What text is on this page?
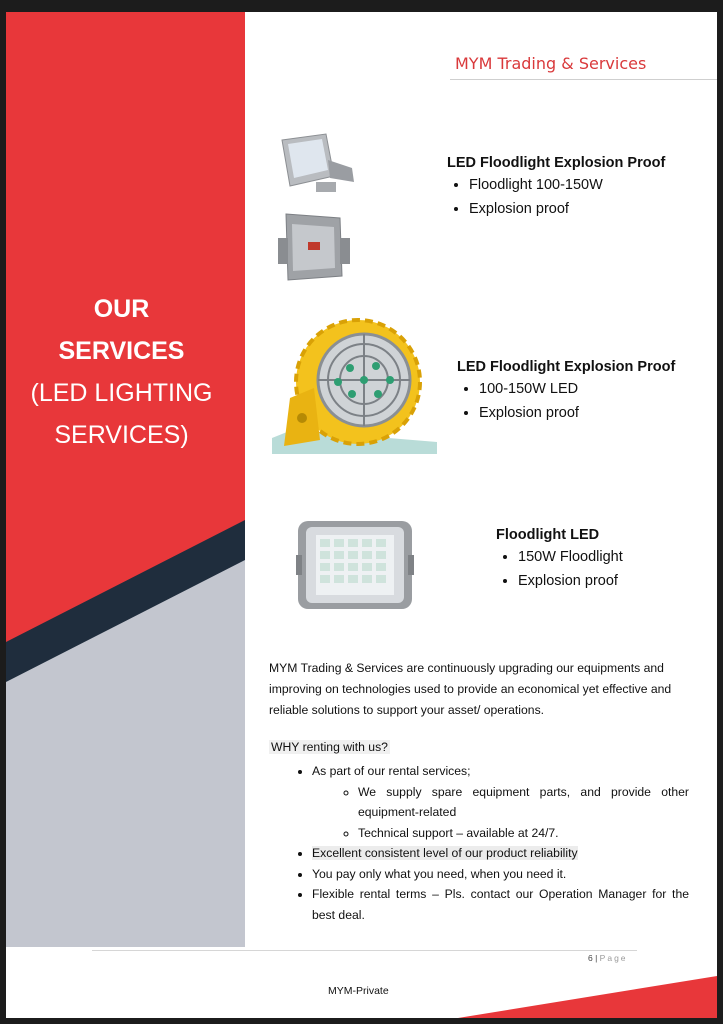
OUR
SERVICES
(LED LIGHTING
SERVICES)
MYM Trading & Services
LED Floodlight Explosion Proof
• Floodlight 100-150W
• Explosion proof
LED Floodlight Explosion Proof
• 100-150W LED
• Explosion proof
Floodlight LED
• 150W Floodlight
• Explosion proof

MYM Trading & Services are continuously upgrading our equipments and improving on technologies used to provide an economical yet effective and reliable solutions to support your asset/ operations.

WHY renting with us?
• As part of our rental services;
◦ We supply spare equipment parts, and provide other equipment-related
◦ Technical support – available at 24/7.
• Excellent consistent level of our product reliability
• You pay only what you need, when you need it.
• Flexible rental terms – Pls. contact our Operation Manager for the best deal.
6 | Page
MYM-Private
